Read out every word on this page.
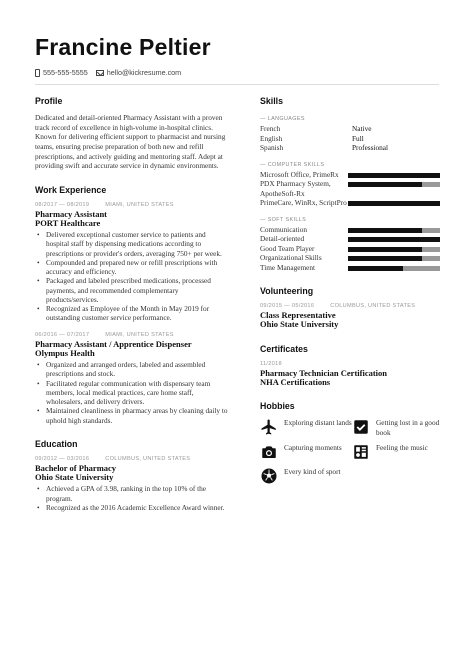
Francine Peltier
555-555-5555	hello@kickresume.com
Profile
Dedicated and detail-oriented Pharmacy Assistant with a proven track record of excellence in high-volume in-hospital clinics. Known for delivering efficient support to pharmacist and nursing teams, ensuring precise preparation of both new and refill prescriptions, and actively guiding and mentoring staff. Adept at providing swift and accurate service in dynamic environments.
Work Experience
08/2017 — 08/2019	MIAMI, UNITED STATES
Pharmacy Assistant
PORT Healthcare
• Delivered exceptional customer service to patients and hospital staff by dispensing medications according to prescriptions or provider's orders, averaging 750+ per week.
• Compounded and prepared new or refill prescriptions with accuracy and efficiency.
• Packaged and labeled prescribed medications, processed payments, and recommended complementary products/services.
• Recognized as Employee of the Month in May 2019 for outstanding customer service performance.
06/2016 — 07/2017	MIAMI, UNITED STATES
Pharmacy Assistant / Apprentice Dispenser
Olympus Health
• Organized and arranged orders, labeled and assembled prescriptions and stock.
• Facilitated regular communication with dispensary team members, local medical practices, care home staff, wholesalers, and delivery drivers.
• Maintained cleanliness in pharmacy areas by cleaning daily to uphold high standards.
Education
09/2012 — 03/2016	COLUMBUS, UNITED STATES
Bachelor of Pharmacy
Ohio State University
• Achieved a GPA of 3.98, ranking in the top 10% of the program.
• Recognized as the 2016 Academic Excellence Award winner.
Skills
— LANGUAGES
French	Native
English	Full
Spanish	Professional
— COMPUTER SKILLS
Microsoft Office, PrimeRx
PDX Pharmacy System, ApotheSoft-Rx
PrimeCare, WinRx, ScriptPro
— SOFT SKILLS
Communication
Detail-oriented
Good Team Player
Organizational Skills
Time Management
Volunteering
09/2015 — 05/2016	COLUMBUS, UNITED STATES
Class Representative
Ohio State University
Certificates
11/2018
Pharmacy Technician Certification
NHA Certifications
Hobbies
Exploring distant lands	Getting lost in a good book
Capturing moments	Feeling the music
Every kind of sport
